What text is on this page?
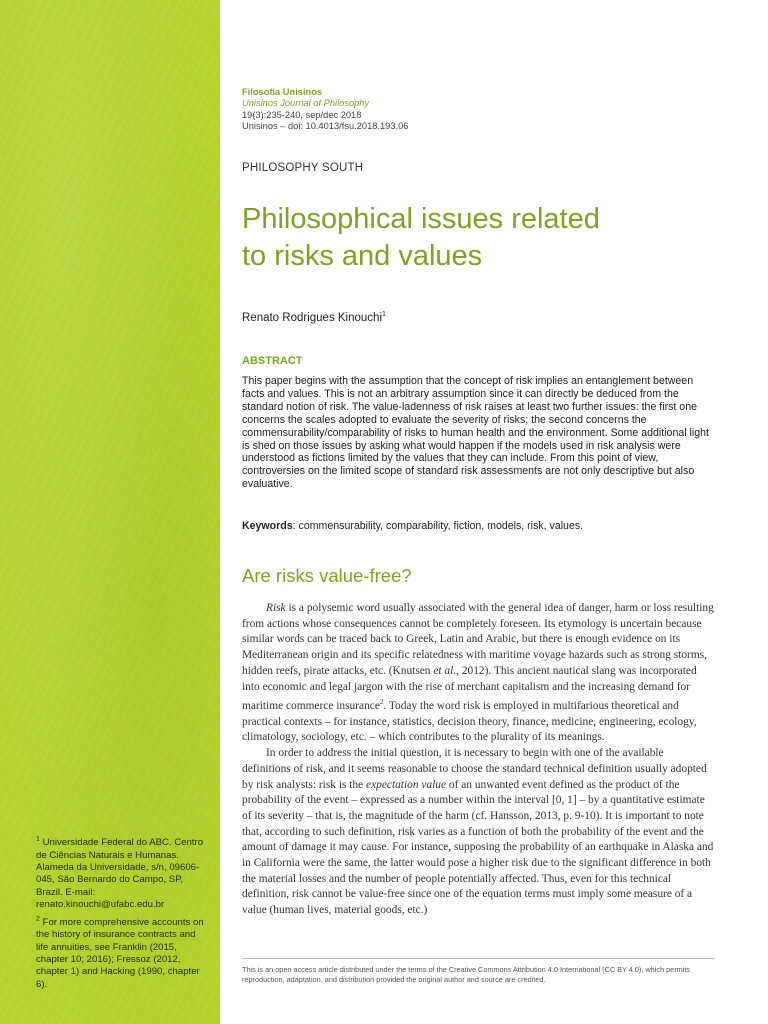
$^1$ Universidade Federal do ABC. Centro de Ciências Naturais e Humanas. Alameda da Universidade, s/n, 09606-045, São Bernardo do Campo, SP, Brazil. E-mail: renato.kinouchi@ufabc.edu.br

$^2$ For more comprehensive accounts on the history of insurance contracts and life annuities, see Franklin (2015, chapter 10; 2016); Fressoz (2012, chapter 1) and Hacking (1990, chapter 6).

Filosofia Unisinos
Unisinos Journal of Philosophy
19(3):235-240, sep/dec 2018
Unisinos – doi: 10.4013/fsu.2018.193.06
PHILOSOPHY SOUTH
Philosophical issues related
to risks and values
Renato Rodrigues Kinouchi$^1$
ABSTRACT

This paper begins with the assumption that the concept of risk implies an entanglement between facts and values. This is not an arbitrary assumption since it can directly be deduced from the standard notion of risk. The value-ladenness of risk raises at least two further issues: the first one concerns the scales adopted to evaluate the severity of risks; the second concerns the commensurability/comparability of risks to human health and the environment. Some additional light is shed on those issues by asking what would happen if the models used in risk analysis were understood as fictions limited by the values that they can include. From this point of view, controversies on the limited scope of standard risk assessments are not only descriptive but also evaluative.

Keywords: commensurability, comparability, fiction, models, risk, values.

Are risks value-free?

Risk is a polysemic word usually associated with the general idea of danger, harm or loss resulting from actions whose consequences cannot be completely foreseen. Its etymology is uncertain because similar words can be traced back to Greek, Latin and Arabic, but there is enough evidence on its Mediterranean origin and its specific relatedness with maritime voyage hazards such as strong storms, hidden reefs, pirate attacks, etc. (Knutsen et al., 2012). This ancient nautical slang was incorporated into economic and legal jargon with the rise of merchant capitalism and the increasing demand for maritime commerce insurance$^2$. Today the word risk is employed in multifarious theoretical and practical contexts – for instance, statistics, decision theory, finance, medicine, engineering, ecology, climatology, sociology, etc. – which contributes to the plurality of its meanings.

In order to address the initial question, it is necessary to begin with one of the available definitions of risk, and it seems reasonable to choose the standard technical definition usually adopted by risk analysts: risk is the expectation value of an unwanted event defined as the product of the probability of the event – expressed as a number within the interval [0, 1] – by a quantitative estimate of its severity – that is, the magnitude of the harm (cf. Hansson, 2013, p. 9-10). It is important to note that, according to such definition, risk varies as a function of both the probability of the event and the amount of damage it may cause. For instance, supposing the probability of an earthquake in Alaska and in California were the same, the latter would pose a higher risk due to the significant difference in both the material losses and the number of people potentially affected. Thus, even for this technical definition, risk cannot be value-free since one of the equation terms must imply some measure of a value (human lives, material goods, etc.)

This is an open access article distributed under the terms of the Creative Commons Attribution 4.0 International (CC BY 4.0), which permits reproduction, adaptation, and distribution provided the original author and source are credited.
